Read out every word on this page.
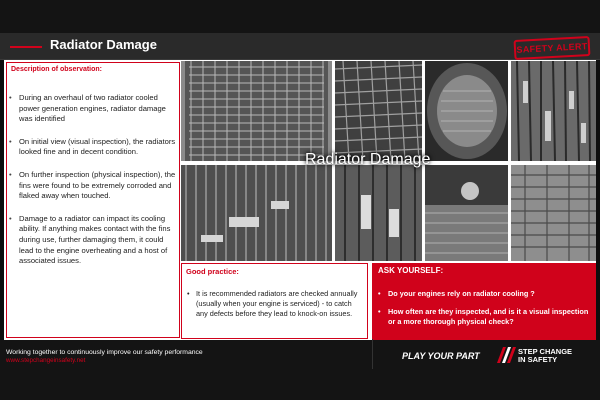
Radiator Damage	SAFETY ALERT
Description of observation:
• During an overhaul of two radiator cooled power generation engines, radiator damage was identified
• On initial view (visual inspection), the radiators looked fine and in decent condition.
• On further inspection (physical inspection), the fins were found to be extremely corroded and flaked away when touched.
• Damage to a radiator can impact its cooling ability. If anything makes contact with the fins during use, further damaging them, it could lead to the engine overheating and a host of associated issues.
Radiator Damage
Good practice:
• It is recommended radiators are checked annually (usually when your engine is serviced) - to catch any defects before they lead to knock-on issues.
ASK YOURSELF:
• Do your engines rely on radiator cooling ?
• How often are they inspected, and is it a visual inspection or a more thorough physical check?
Working together to continuously improve our safety performance
www.stepchangeinsafety.net	PLAY YOUR PART	STEP CHANGE
IN SAFETY
